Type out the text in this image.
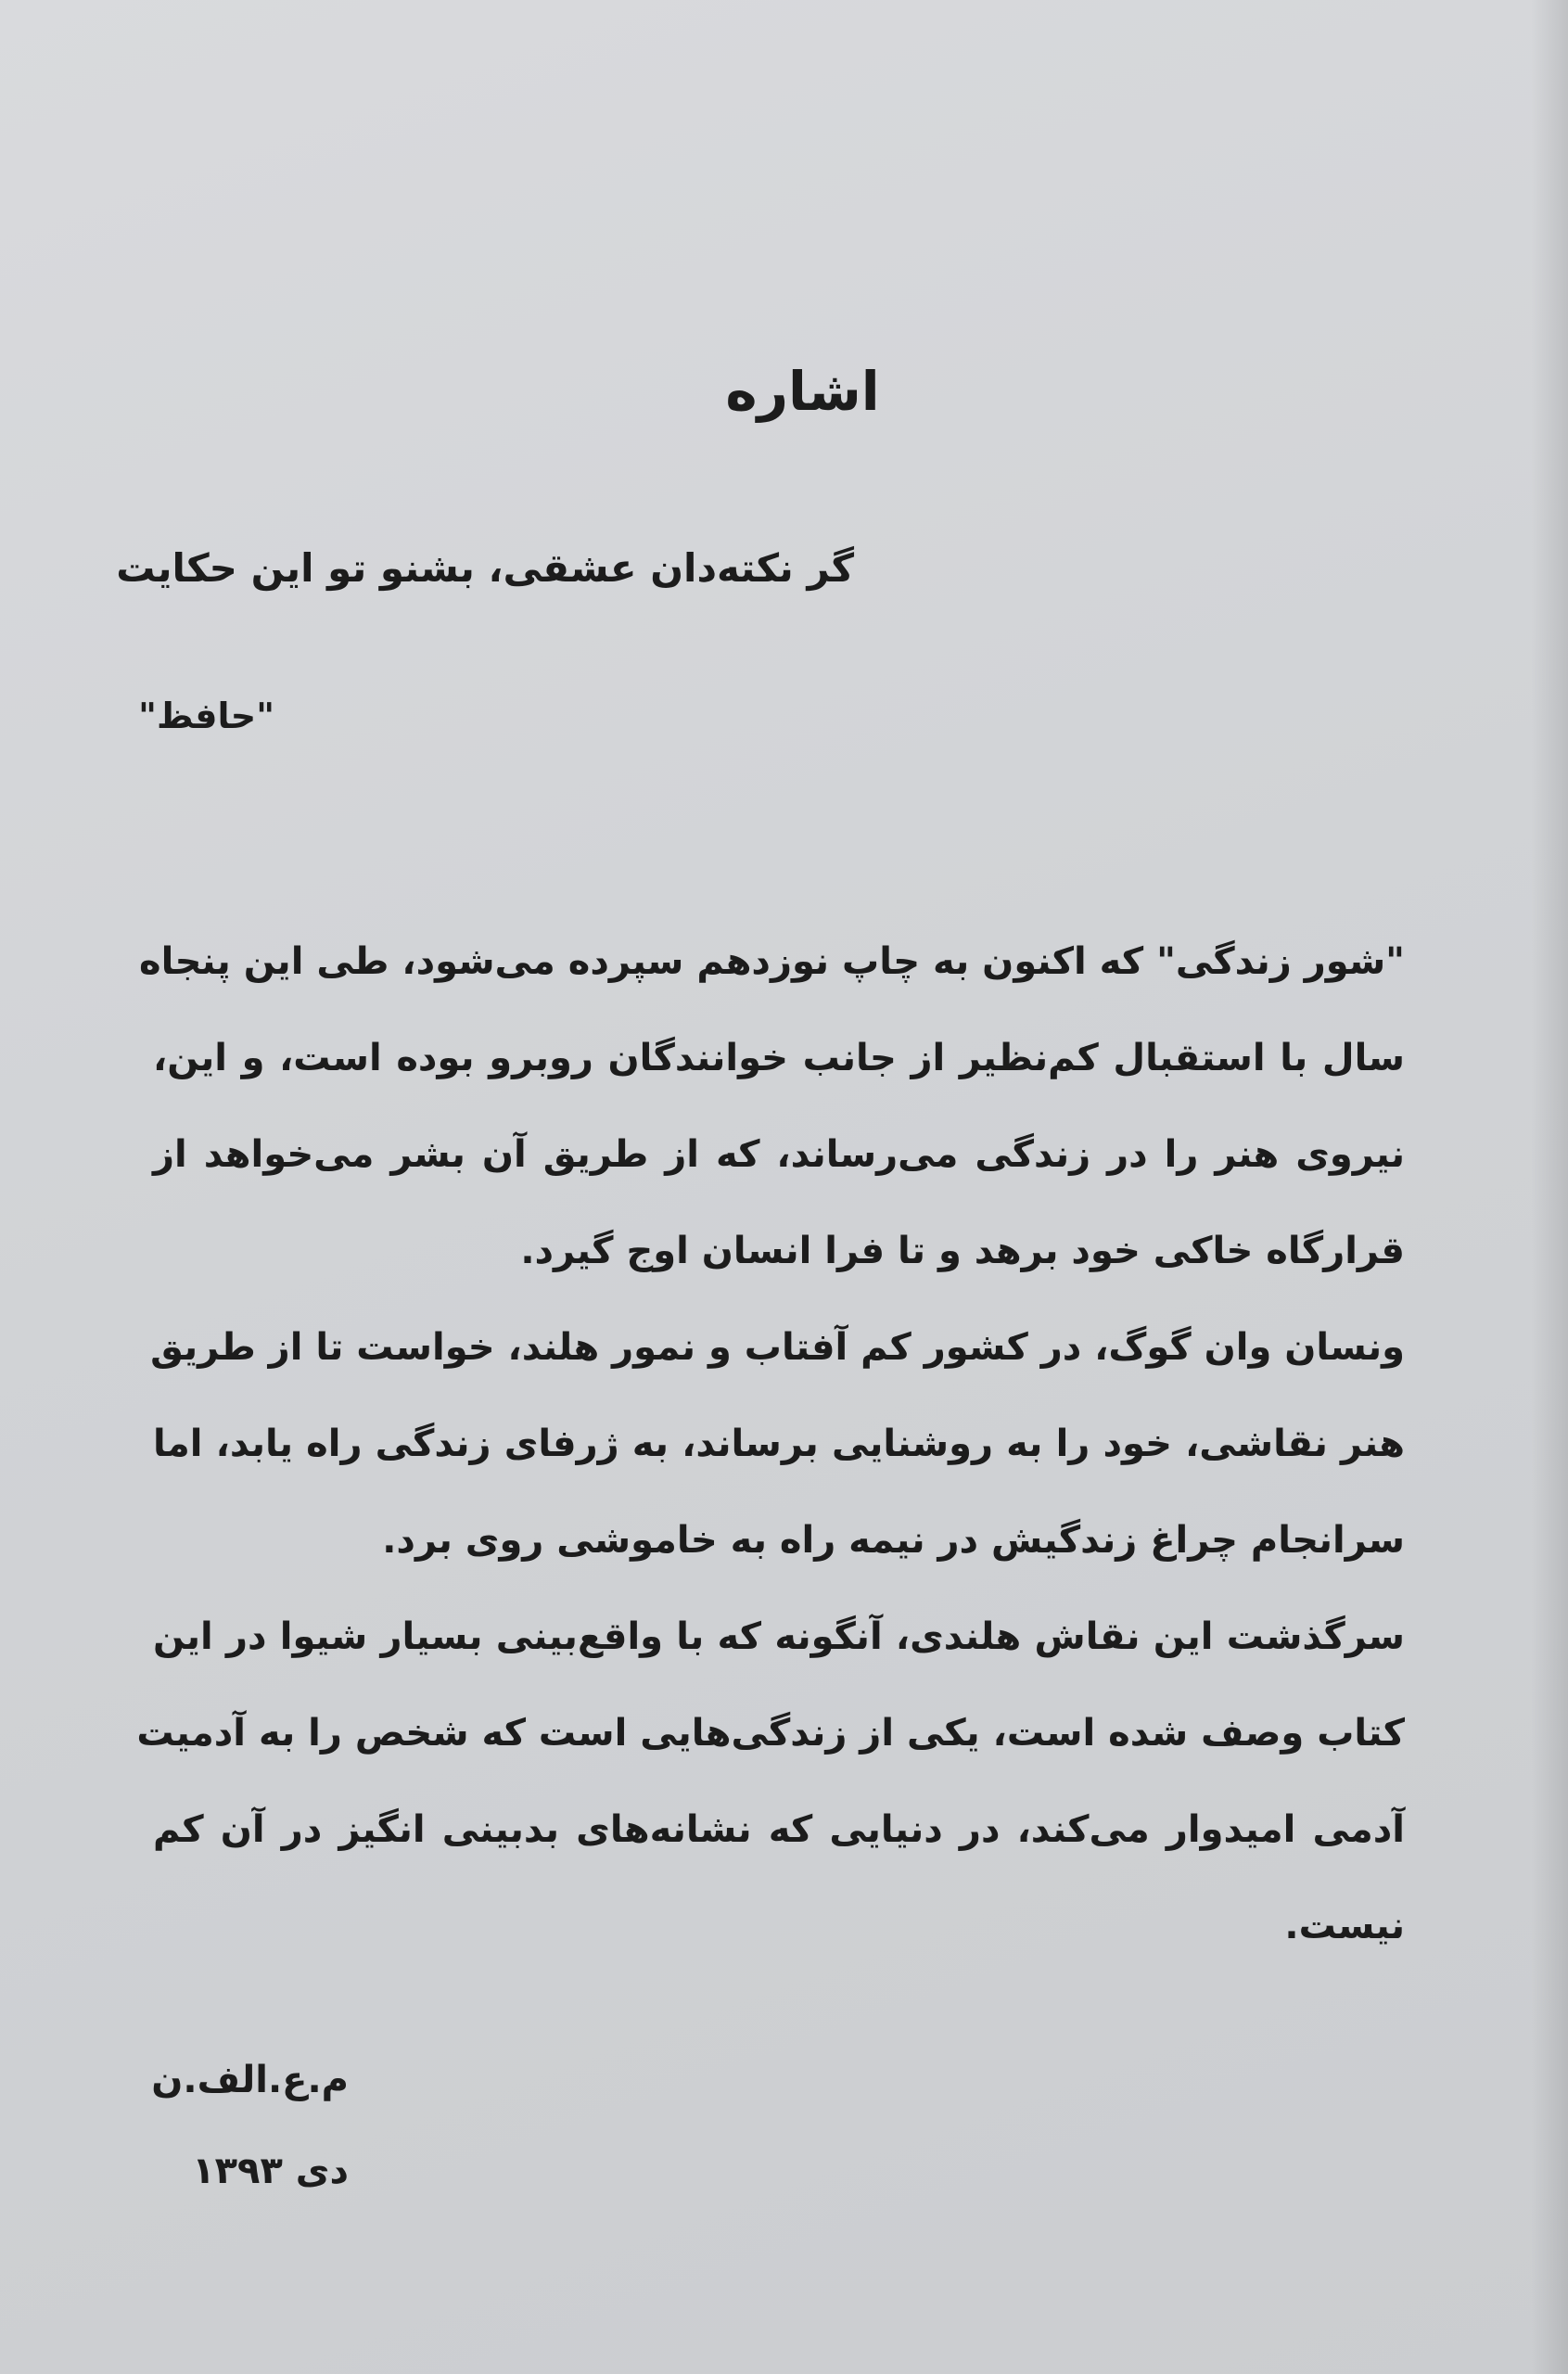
اشاره
گر نکته‌دان عشقی، بشنو تو این حکایت
"حافظ"
"شور زندگی" که اکنون به چاپ نوزدهم سپرده می‌شود، طی این پنجاه
سال با استقبال کم‌نظیر از جانب خوانندگان روبرو بوده است، و این،
نیروی هنر را در زندگی می‌رساند، که از طریق آن بشر می‌خواهد از
قرارگاه خاکی خود برهد و تا فرا انسان اوج گیرد.
ونسان وان گوگ، در کشور کم آفتاب و نمور هلند، خواست تا از طریق
هنر نقاشی، خود را به روشنایی برساند، به ژرفای زندگی راه یابد، اما
سرانجام چراغ زندگیش در نیمه راه به خاموشی روی برد.
سرگذشت این نقاش هلندی، آنگونه که با واقع‌بینی بسیار شیوا در این
کتاب وصف شده است، یکی از زندگی‌هایی است که شخص را به آدمیت
آدمی امیدوار می‌کند، در دنیایی که نشانه‌های بدبینی انگیز در آن کم
نیست.
م.ع.الف.ن
دی ۱۳۹۳
